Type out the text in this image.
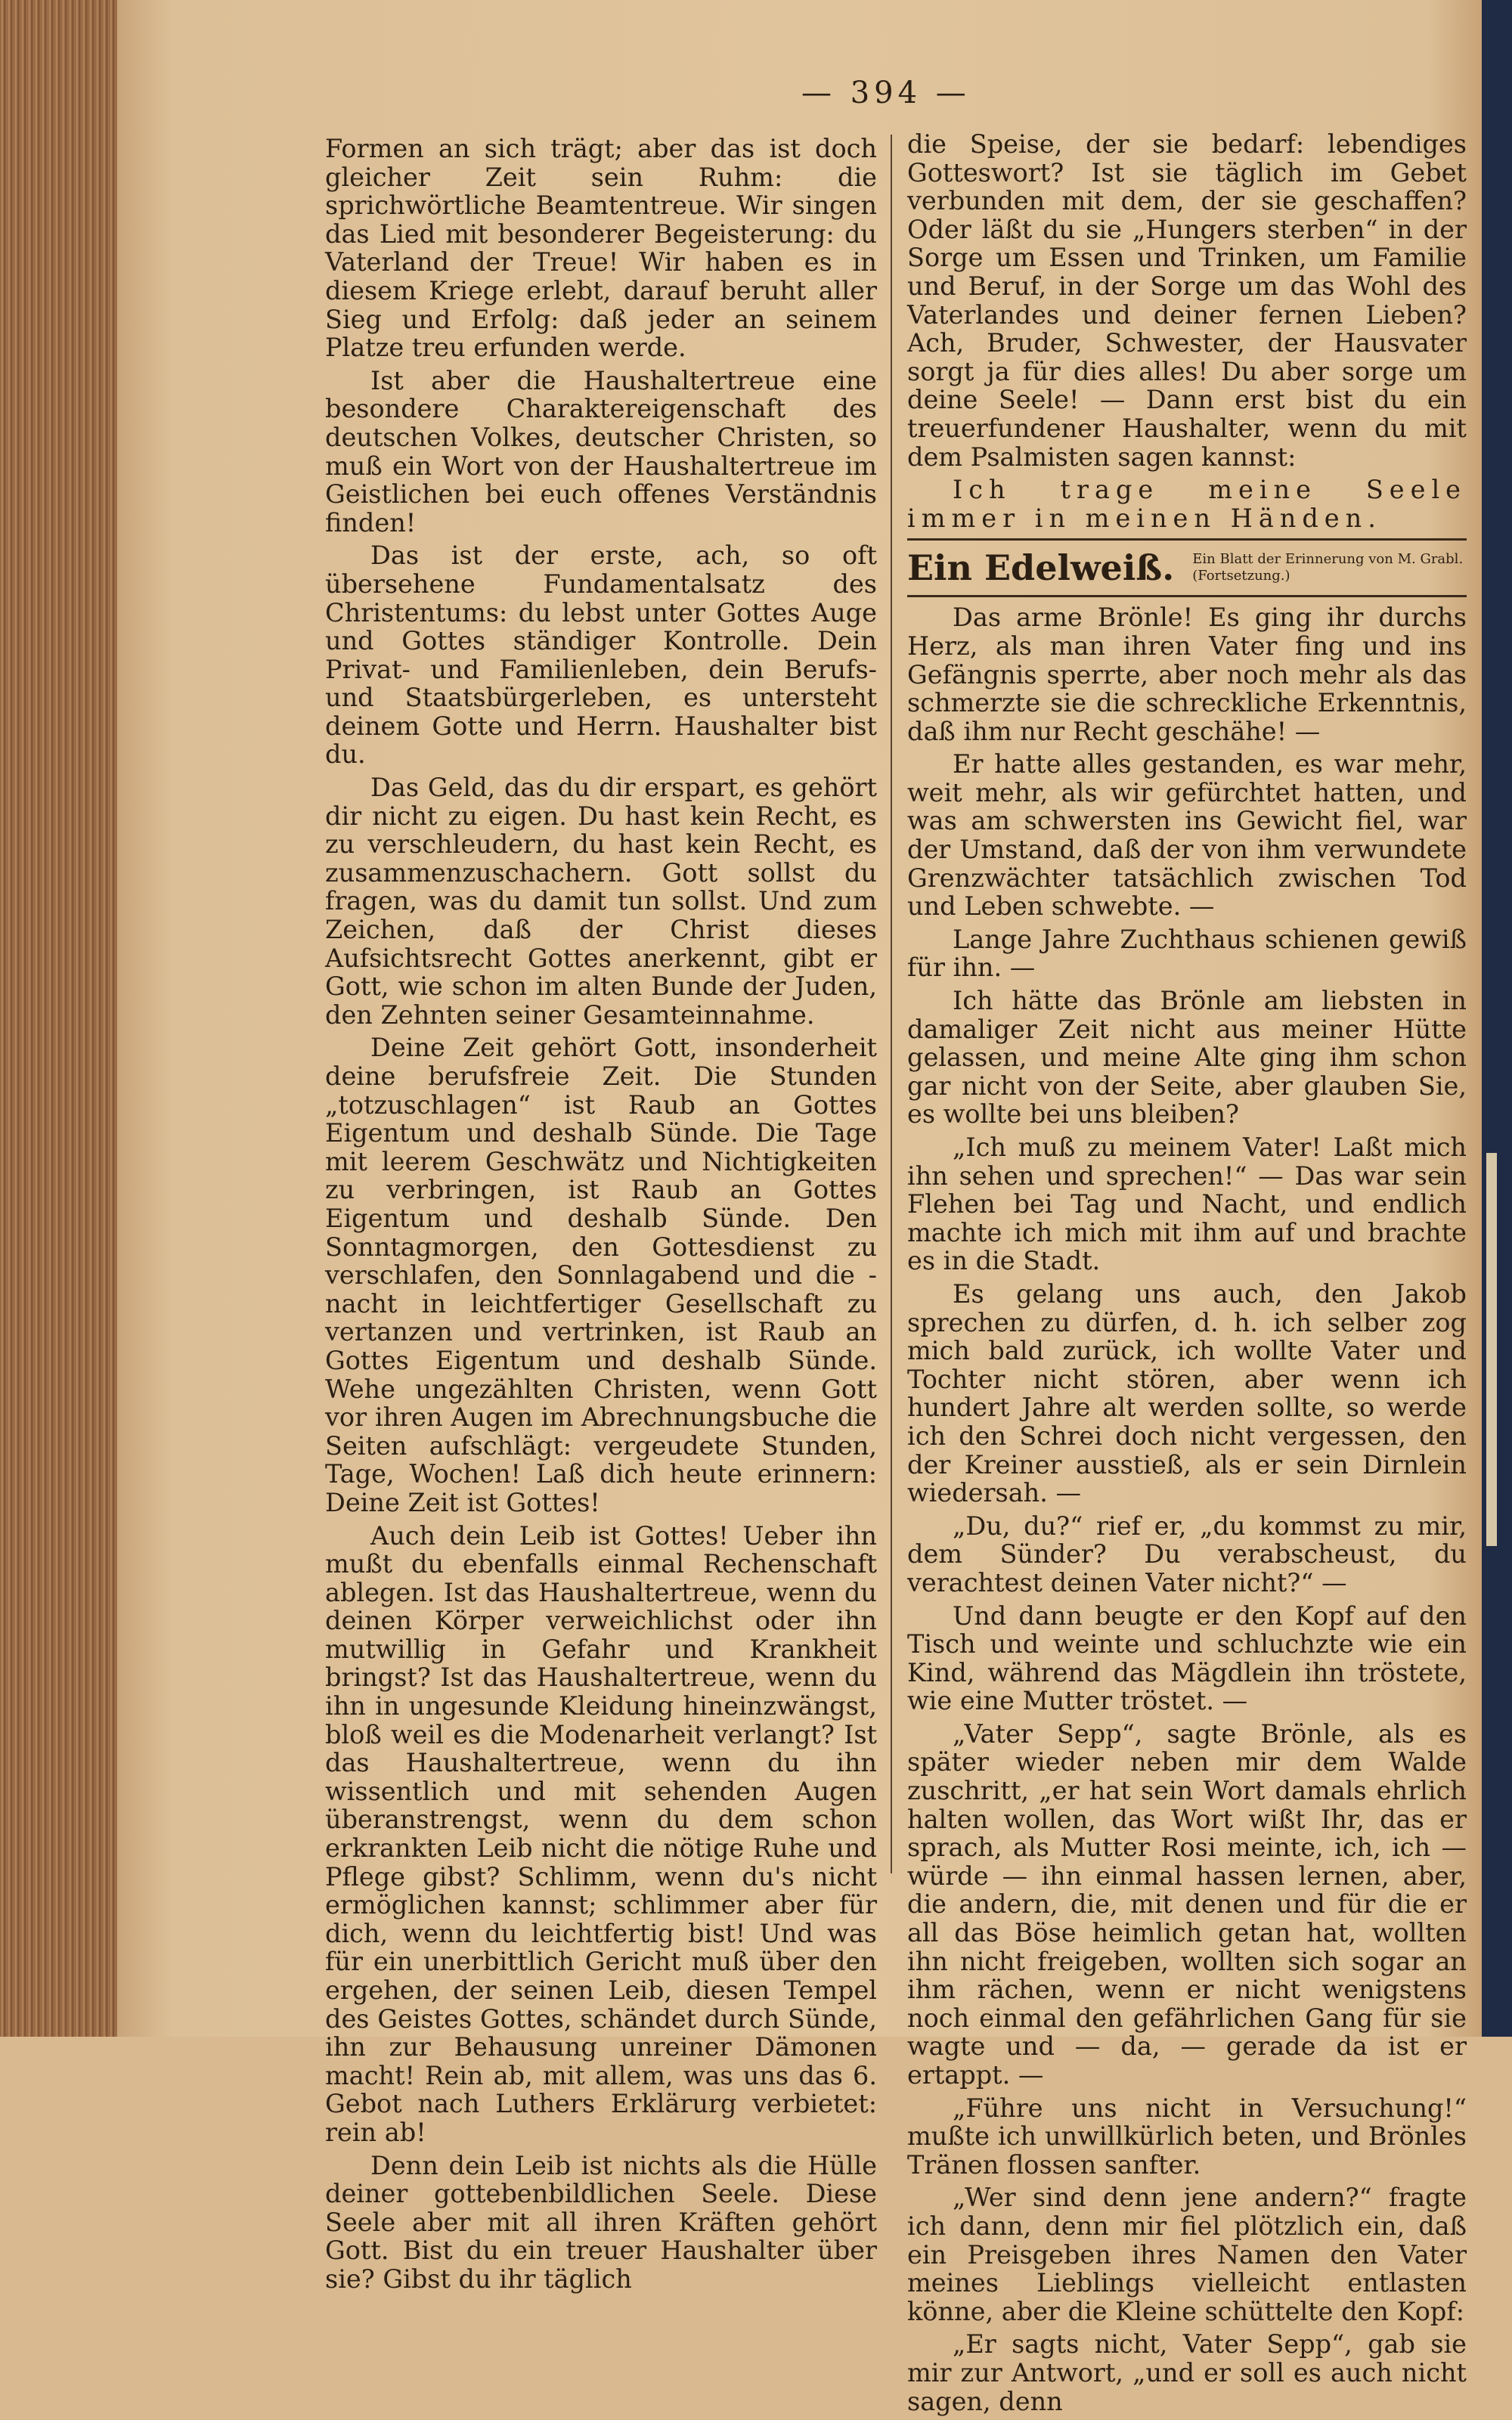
— 394 —

Formen an sich trägt; aber das ist doch gleicher Zeit sein Ruhm: die sprichwörtliche Beamtentreue. Wir singen das Lied mit besonderer Begeisterung: du Vaterland der Treue! Wir haben es in diesem Kriege erlebt, darauf beruht aller Sieg und Erfolg: daß jeder an seinem Platze treu erfunden werde.

Ist aber die Haushaltertreue eine besondere Charaktereigenschaft des deutschen Volkes, deutscher Christen, so muß ein Wort von der Haushaltertreue im Geistlichen bei euch offenes Verständnis finden!

Das ist der erste, ach, so oft übersehene Fundamentalsatz des Christentums: du lebst unter Gottes Auge und Gottes ständiger Kontrolle. Dein Privat- und Familienleben, dein Berufs- und Staatsbürgerleben, es untersteht deinem Gotte und Herrn. Haushalter bist du.

Das Geld, das du dir erspart, es gehört dir nicht zu eigen. Du hast kein Recht, es zu verschleudern, du hast kein Recht, es zusammenzuschachern. Gott sollst du fragen, was du damit tun sollst. Und zum Zeichen, daß der Christ dieses Aufsichtsrecht Gottes anerkennt, gibt er Gott, wie schon im alten Bunde der Juden, den Zehnten seiner Gesamteinnahme.

Deine Zeit gehört Gott, insonderheit deine berufsfreie Zeit. Die Stunden „totzuschlagen“ ist Raub an Gottes Eigentum und deshalb Sünde. Die Tage mit leerem Geschwätz und Nichtigkeiten zu verbringen, ist Raub an Gottes Eigentum und deshalb Sünde. Den Sonntagmorgen, den Gottesdienst zu verschlafen, den Sonnlagabend und die -nacht in leichtfertiger Gesellschaft zu vertanzen und vertrinken, ist Raub an Gottes Eigentum und deshalb Sünde. Wehe ungezählten Christen, wenn Gott vor ihren Augen im Abrechnungsbuche die Seiten aufschlägt: vergeudete Stunden, Tage, Wochen! Laß dich heute erinnern: Deine Zeit ist Gottes!

Auch dein Leib ist Gottes! Ueber ihn mußt du ebenfalls einmal Rechenschaft ablegen. Ist das Haushaltertreue, wenn du deinen Körper verweichlichst oder ihn mutwillig in Gefahr und Krankheit bringst? Ist das Haushaltertreue, wenn du ihn in ungesunde Kleidung hineinzwängst, bloß weil es die Modenarheit verlangt? Ist das Haushaltertreue, wenn du ihn wissentlich und mit sehenden Augen überanstrengst, wenn du dem schon erkrankten Leib nicht die nötige Ruhe und Pflege gibst? Schlimm, wenn du's nicht ermöglichen kannst; schlimmer aber für dich, wenn du leichtfertig bist! Und was für ein unerbittlich Gericht muß über den ergehen, der seinen Leib, diesen Tempel des Geistes Gottes, schändet durch Sünde, ihn zur Behausung unreiner Dämonen macht! Rein ab, mit allem, was uns das 6. Gebot nach Luthers Erklärurg verbietet: rein ab!

Denn dein Leib ist nichts als die Hülle deiner gottebenbildlichen Seele. Diese Seele aber mit all ihren Kräften gehört Gott. Bist du ein treuer Haushalter über sie? Gibst du ihr täglich

die Speise, der sie bedarf: lebendiges Gotteswort? Ist sie täglich im Gebet verbunden mit dem, der sie geschaffen? Oder läßt du sie „Hungers sterben“ in der Sorge um Essen und Trinken, um Familie und Beruf, in der Sorge um das Wohl des Vaterlandes und deiner fernen Lieben? Ach, Bruder, Schwester, der Hausvater sorgt ja für dies alles! Du aber sorge um deine Seele! — Dann erst bist du ein treuerfundener Haushalter, wenn du mit dem Psalmisten sagen kannst:

Ich trage meine Seele immer in meinen Händen.

Ein Edelweiß. Ein Blatt der Erinnerung von M. Grabl.
(Fortsetzung.)

Das arme Brönle! Es ging ihr durchs Herz, als man ihren Vater fing und ins Gefängnis sperrte, aber noch mehr als das schmerzte sie die schreckliche Erkenntnis, daß ihm nur Recht geschähe! —

Er hatte alles gestanden, es war mehr, weit mehr, als wir gefürchtet hatten, und was am schwersten ins Gewicht fiel, war der Umstand, daß der von ihm verwundete Grenzwächter tatsächlich zwischen Tod und Leben schwebte. —

Lange Jahre Zuchthaus schienen gewiß für ihn. —

Ich hätte das Brönle am liebsten in damaliger Zeit nicht aus meiner Hütte gelassen, und meine Alte ging ihm schon gar nicht von der Seite, aber glauben Sie, es wollte bei uns bleiben?

„Ich muß zu meinem Vater! Laßt mich ihn sehen und sprechen!“ — Das war sein Flehen bei Tag und Nacht, und endlich machte ich mich mit ihm auf und brachte es in die Stadt.

Es gelang uns auch, den Jakob sprechen zu dürfen, d. h. ich selber zog mich bald zurück, ich wollte Vater und Tochter nicht stören, aber wenn ich hundert Jahre alt werden sollte, so werde ich den Schrei doch nicht vergessen, den der Kreiner ausstieß, als er sein Dirnlein wiedersah. —

„Du, du?“ rief er, „du kommst zu mir, dem Sünder? Du verabscheust, du verachtest deinen Vater nicht?“ —

Und dann beugte er den Kopf auf den Tisch und weinte und schluchzte wie ein Kind, während das Mägdlein ihn tröstete, wie eine Mutter tröstet. —

„Vater Sepp“, sagte Brönle, als es später wieder neben mir dem Walde zuschritt, „er hat sein Wort damals ehrlich halten wollen, das Wort wißt Ihr, das er sprach, als Mutter Rosi meinte, ich, ich — würde — ihn einmal hassen lernen, aber, die andern, die, mit denen und für die er all das Böse heimlich getan hat, wollten ihn nicht freigeben, wollten sich sogar an ihm rächen, wenn er nicht wenigstens noch einmal den gefährlichen Gang für sie wagte und — da, — gerade da ist er ertappt. —

„Führe uns nicht in Versuchung!“ mußte ich unwillkürlich beten, und Brönles Tränen flossen sanfter.

„Wer sind denn jene andern?“ fragte ich dann, denn mir fiel plötzlich ein, daß ein Preisgeben ihres Namen den Vater meines Lieblings vielleicht entlasten könne, aber die Kleine schüttelte den Kopf:

„Er sagts nicht, Vater Sepp“, gab sie mir zur Antwort, „und er soll es auch nicht sagen, denn
